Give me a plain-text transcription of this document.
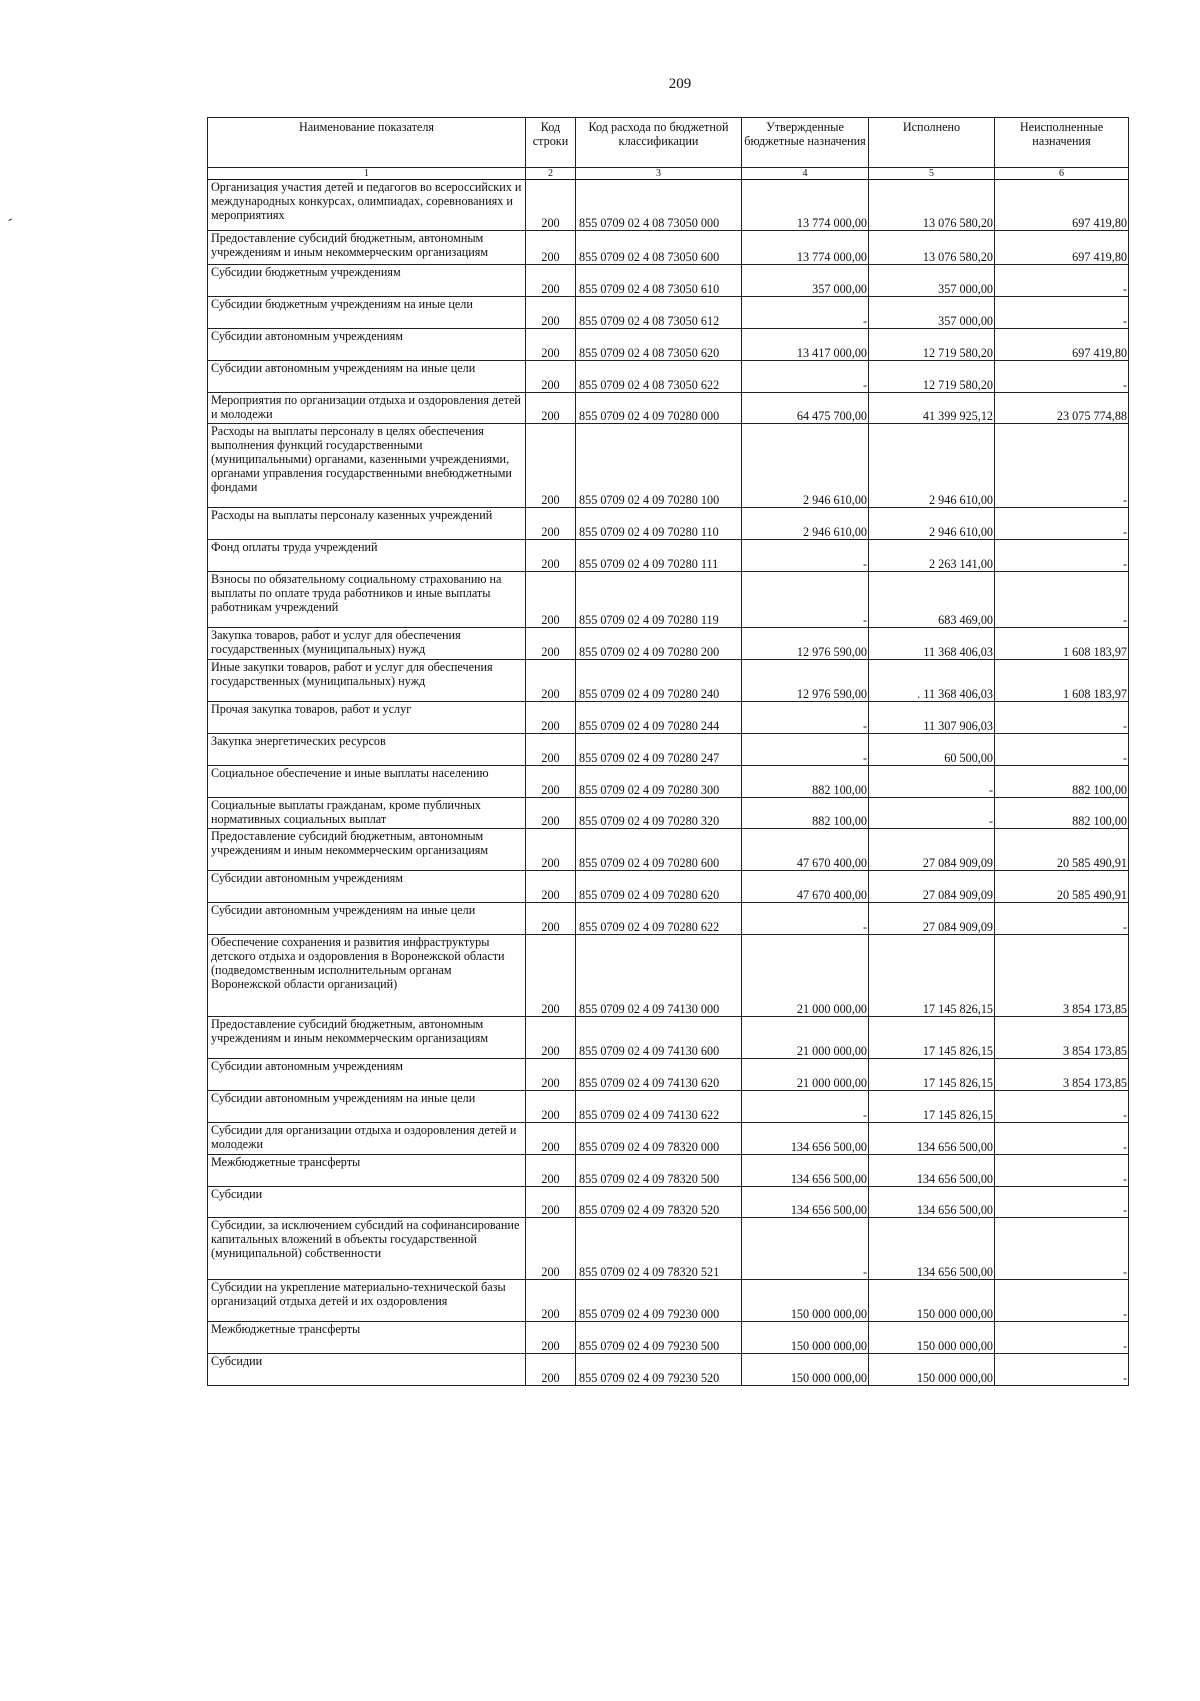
209
-
Наименование показателя	Код строки	Код расхода по бюджетной классификации	Утвержденные бюджетные назначения	Исполнено	Неисполненные назначения
1	2	3	4	5	6
Организация участия детей и педагогов во всероссийских и международных конкурсах, олимпиадах, соревнованиях и мероприятиях	200	855 0709 02 4 08 73050 000	13 774 000,00	13 076 580,20	697 419,80
Предоставление субсидий бюджетным, автономным учреждениям и иным некоммерческим организациям	200	855 0709 02 4 08 73050 600	13 774 000,00	13 076 580,20	697 419,80
Субсидии бюджетным учреждениям	200	855 0709 02 4 08 73050 610	357 000,00	357 000,00	-
Субсидии бюджетным учреждениям на иные цели	200	855 0709 02 4 08 73050 612	-	357 000,00	-
Субсидии автономным учреждениям	200	855 0709 02 4 08 73050 620	13 417 000,00	12 719 580,20	697 419,80
Субсидии автономным учреждениям на иные цели	200	855 0709 02 4 08 73050 622	-	12 719 580,20	-
Мероприятия по организации отдыха и оздоровления детей и молодежи	200	855 0709 02 4 09 70280 000	64 475 700,00	41 399 925,12	23 075 774,88
Расходы на выплаты персоналу в целях обеспечения выполнения функций государственными (муниципальными) органами, казенными учреждениями, органами управления государственными внебюджетными фондами	200	855 0709 02 4 09 70280 100	2 946 610,00	2 946 610,00	-
Расходы на выплаты персоналу казенных учреждений	200	855 0709 02 4 09 70280 110	2 946 610,00	2 946 610,00	-
Фонд оплаты труда учреждений	200	855 0709 02 4 09 70280 111	-	2 263 141,00	-
Взносы по обязательному социальному страхованию на выплаты по оплате труда работников и иные выплаты работникам учреждений	200	855 0709 02 4 09 70280 119	-	683 469,00	-
Закупка товаров, работ и услуг для обеспечения государственных (муниципальных) нужд	200	855 0709 02 4 09 70280 200	12 976 590,00	11 368 406,03	1 608 183,97
Иные закупки товаров, работ и услуг для обеспечения государственных (муниципальных) нужд	200	855 0709 02 4 09 70280 240	12 976 590,00	. 11 368 406,03	1 608 183,97
Прочая закупка товаров, работ и услуг	200	855 0709 02 4 09 70280 244	-	11 307 906,03	-
Закупка энергетических ресурсов	200	855 0709 02 4 09 70280 247	-	60 500,00	-
Социальное обеспечение и иные выплаты населению	200	855 0709 02 4 09 70280 300	882 100,00	-	882 100,00
Социальные выплаты гражданам, кроме публичных нормативных социальных выплат	200	855 0709 02 4 09 70280 320	882 100,00	-	882 100,00
Предоставление субсидий бюджетным, автономным учреждениям и иным некоммерческим организациям	200	855 0709 02 4 09 70280 600	47 670 400,00	27 084 909,09	20 585 490,91
Субсидии автономным учреждениям	200	855 0709 02 4 09 70280 620	47 670 400,00	27 084 909,09	20 585 490,91
Субсидии автономным учреждениям на иные цели	200	855 0709 02 4 09 70280 622	-	27 084 909,09	-
Обеспечение сохранения и развития инфраструктуры детского отдыха и оздоровления в Воронежской области (подведомственным исполнительным органам Воронежской области организаций)	200	855 0709 02 4 09 74130 000	21 000 000,00	17 145 826,15	3 854 173,85
Предоставление субсидий бюджетным, автономным учреждениям и иным некоммерческим организациям	200	855 0709 02 4 09 74130 600	21 000 000,00	17 145 826,15	3 854 173,85
Субсидии автономным учреждениям	200	855 0709 02 4 09 74130 620	21 000 000,00	17 145 826,15	3 854 173,85
Субсидии автономным учреждениям на иные цели	200	855 0709 02 4 09 74130 622	-	17 145 826,15	-
Субсидии для организации отдыха и оздоровления детей и молодежи	200	855 0709 02 4 09 78320 000	134 656 500,00	134 656 500,00	-
Межбюджетные трансферты	200	855 0709 02 4 09 78320 500	134 656 500,00	134 656 500,00	-
Субсидии	200	855 0709 02 4 09 78320 520	134 656 500,00	134 656 500,00	-
Субсидии, за исключением субсидий на софинансирование капитальных вложений в объекты государственной (муниципальной) собственности	200	855 0709 02 4 09 78320 521	-	134 656 500,00	-
Субсидии на укрепление материально-технической базы организаций отдыха детей и их оздоровления	200	855 0709 02 4 09 79230 000	150 000 000,00	150 000 000,00	-
Межбюджетные трансферты	200	855 0709 02 4 09 79230 500	150 000 000,00	150 000 000,00	-
Субсидии	200	855 0709 02 4 09 79230 520	150 000 000,00	150 000 000,00	-
